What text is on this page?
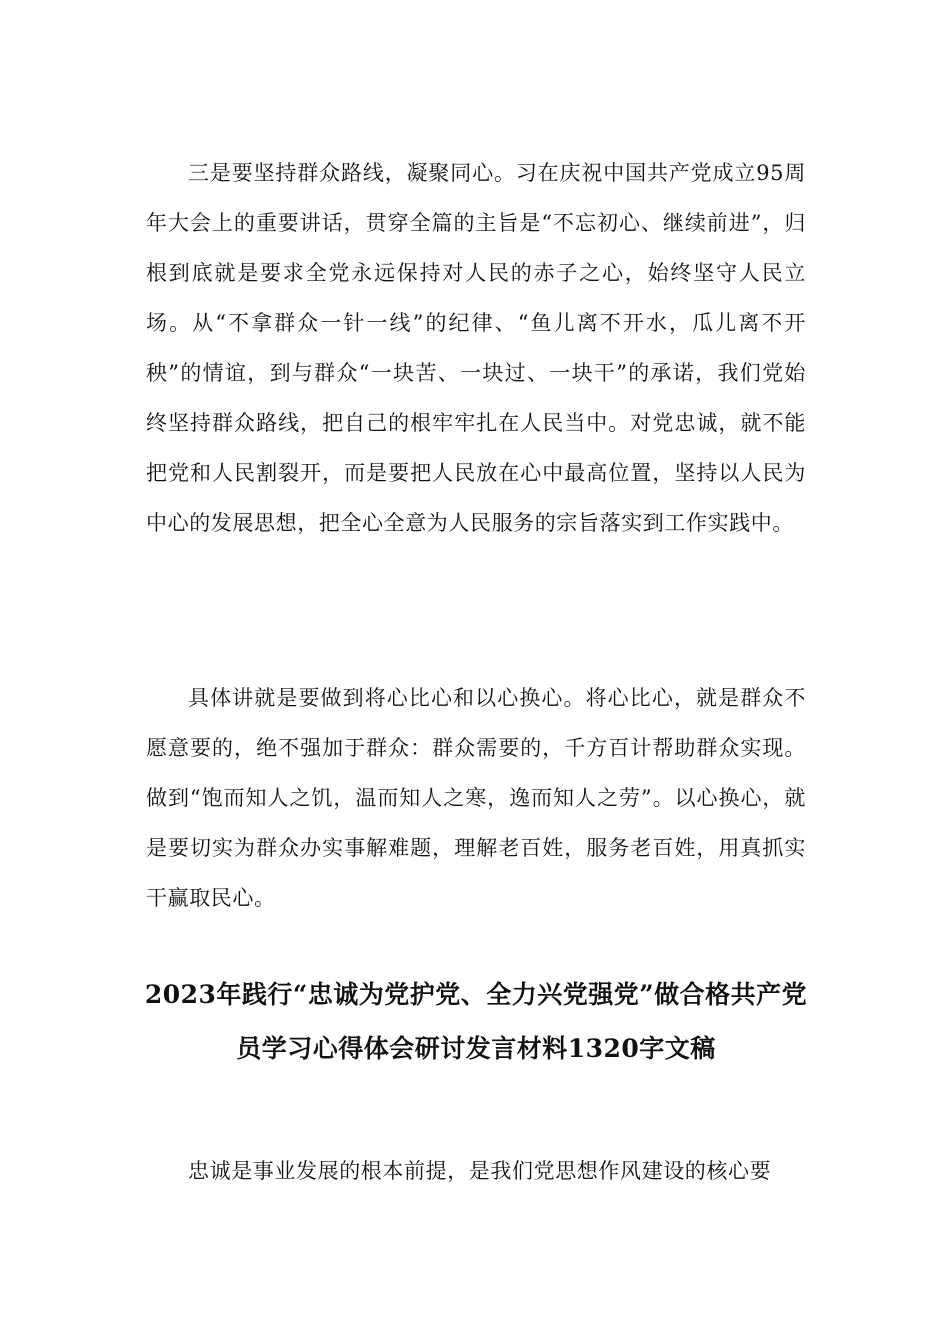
三是要坚持群众路线，凝聚同心。习在庆祝中国共产党成立95周年大会上的重要讲话，贯穿全篇的主旨是“不忘初心、继续前进”，归根到底就是要求全党永远保持对人民的赤子之心，始终坚守人民立场。从“不拿群众一针一线”的纪律、“鱼儿离不开水，瓜儿离不开秧”的情谊，到与群众“一块苦、一块过、一块干”的承诺，我们党始终坚持群众路线，把自己的根牢牢扎在人民当中。对党忠诚，就不能把党和人民割裂开，而是要把人民放在心中最高位置，坚持以人民为中心的发展思想，把全心全意为人民服务的宗旨落实到工作实践中。

具体讲就是要做到将心比心和以心换心。将心比心，就是群众不愿意要的，绝不强加于群众：群众需要的，千方百计帮助群众实现。做到“饱而知人之饥，温而知人之寒，逸而知人之劳”。以心换心，就是要切实为群众办实事解难题，理解老百姓，服务老百姓，用真抓实干赢取民心。

2023年践行“忠诚为党护党、全力兴党强党”做合格共产党员学习心得体会研讨发言材料1320字文稿

忠诚是事业发展的根本前提，是我们党思想作风建设的核心要
